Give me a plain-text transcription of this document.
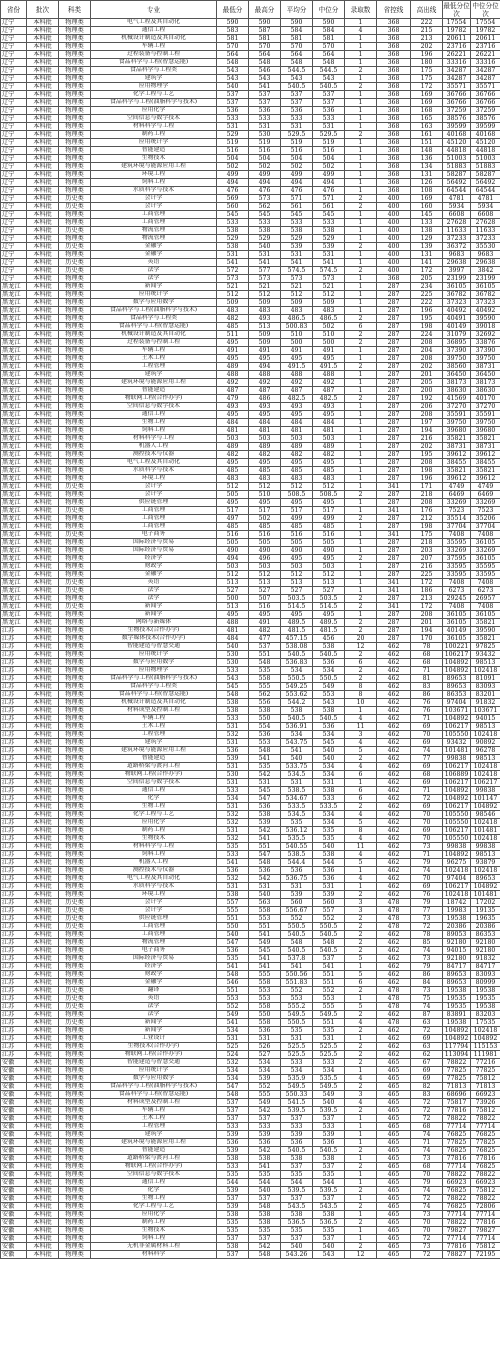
省份	批次	科类	专业	最低分	最高分	平均分	中位分	录取数	省控线	高出线	最低分位次	中位分位次
辽宁	本科批	物理类	电气工程及其自动化	590	590	590	590	1	368	222	17554	17554
辽宁	本科批	物理类	通信工程	583	587	584	584	4	368	215	19782	19782
辽宁	本科批	物理类	机械设计制造及其自动化	581	581	581	581	1	368	213	20611	20611
辽宁	本科批	物理类	车辆工程	570	570	570	570	1	368	202	23716	23716
辽宁	本科批	物理类	过程装备与控制工程	564	564	564	564	1	368	196	26221	26221
辽宁	本科批	物理类	食品科学与工程(智慧运能)	548	548	548	548	1	368	180	33316	33316
辽宁	本科批	物理类	食品科学与工程类	543	546	544.5	544.5	2	368	175	34287	34287
辽宁	本科批	物理类	建筑学	543	543	543	543	1	368	175	34287	34287
辽宁	本科批	物理类	应用物理学	540	541	540.5	540.5	2	368	172	35571	35571
辽宁	本科批	物理类	化学工程与工艺	537	537	537	537	1	368	169	36766	36766
辽宁	本科批	物理类	食品科学与工程(油脂科学与技术)	537	537	537	537	1	368	169	36766	36766
辽宁	本科批	物理类	应用化学	536	536	536	536	1	368	168	37259	37259
辽宁	本科批	物理类	空间信息与数字技术	533	533	533	533	1	368	165	38576	38576
辽宁	本科批	物理类	材料科学与工程	531	531	531	531	1	368	163	39599	39599
辽宁	本科批	物理类	制药工程	529	530	529.5	529.5	2	368	161	40168	40168
辽宁	本科批	物理类	应用统计学	519	519	519	519	1	368	151	45120	45120
辽宁	本科批	物理类	智能建造	516	516	516	516	1	368	148	44818	44818
辽宁	本科批	物理类	生物技术	504	504	504	504	1	368	136	51003	51003
辽宁	本科批	物理类	建筑环境与能源应用工程	502	502	502	502	1	368	134	51883	51883
辽宁	本科批	物理类	环境工程	499	499	499	499	1	368	131	58287	58287
辽宁	本科批	物理类	饲料工程	494	494	494	494	1	368	126	56492	56492
辽宁	本科批	物理类	水质科学与技术	476	476	476	476	1	368	108	64544	64544
辽宁	本科批	历史类	会计学	569	573	571	571	2	400	169	4781	4781
辽宁	本科批	历史类	会计学	560	562	561	561	2	400	160	5934	5934
辽宁	本科批	物理类	工商管理	545	545	545	545	1	400	145	6608	6608
辽宁	本科批	物理类	工商管理	533	533	533	533	1	400	133	27628	27628
辽宁	本科批	历史类	物流管理	538	538	538	538	1	400	138	11633	11633
辽宁	本科批	物理类	物流管理	529	529	529	529	1	400	129	37233	37233
辽宁	本科批	历史类	金融学	538	540	539	539	2	400	139	36372	35530
辽宁	本科批	物理类	金融学	531	531	531	531	1	400	131	9683	9683
辽宁	本科批	历史类	英语	541	541	541	541	1	400	141	29638	29638
辽宁	本科批	历史类	法学	572	577	574.5	574.5	2	400	172	3997	3842
辽宁	本科批	物理类	法学	573	573	573	573	1	368	205	23199	23199
黑龙江	本科批	物理类	新闻学	521	521	521	521	1	287	234	36105	36105
黑龙江	本科批	物理类	应用统计学	512	512	512	512	1	287	225	36782	36782
黑龙江	本科批	物理类	数学与应用数学	509	509	509	509	1	287	222	37323	37323
黑龙江	本科批	物理类	食品科学与工程(油脂科学与技术)	483	483	483	483	1	287	196	40492	40492
黑龙江	本科批	物理类	食品科学与工程类	482	493	486.5	486.5	2	287	195	40491	39590
黑龙江	本科批	物理类	食品科学与工程(智慧运能)	485	513	500.83	502	6	287	198	40149	39018
黑龙江	本科批	物理类	机械设计制造及其自动化	511	509	510	510	2	287	224	31079	32692
黑龙江	本科批	物理类	过程装备与控制工程	495	509	500	500	2	287	208	36895	33876
黑龙江	本科批	物理类	车辆工程	491	491	491	491	1	287	204	37390	37390
黑龙江	本科批	物理类	土木工程	495	495	495	495	1	287	208	39750	39750
黑龙江	本科批	物理类	工程管理	489	494	491.5	491.5	2	287	202	38560	38731
黑龙江	本科批	物理类	建筑学	488	488	488	488	1	287	201	36450	36450
黑龙江	本科批	物理类	建筑环境与能源应用工程	492	492	492	492	1	287	205	38173	38173
黑龙江	本科批	物理类	智能建造	487	487	487	487	1	287	200	38630	38630
黑龙江	本科批	物理类	物联网工程(合作办学)	479	486	482.5	482.5	2	287	192	41569	40170
黑龙江	本科批	物理类	空间信息与数字技术	493	493	493	493	1	287	206	37270	37270
黑龙江	本科批	物理类	通信工程	495	495	495	495	1	287	208	35591	35591
黑龙江	本科批	物理类	生物工程	484	484	484	484	1	287	197	39750	39750
黑龙江	本科批	物理类	饲料工程	481	481	481	481	1	287	194	39680	39680
黑龙江	本科批	物理类	材料科学与工程	503	503	503	503	1	287	216	35821	35821
黑龙江	本科批	物理类	机器人工程	489	489	489	489	1	287	202	38731	38731
黑龙江	本科批	物理类	测控技术与仪器	482	482	482	482	1	287	195	39612	39612
黑龙江	本科批	物理类	电气工程及其自动化	495	495	495	495	1	287	208	38455	38455
黑龙江	本科批	物理类	水质科学与技术	485	485	485	485	1	287	198	35821	35821
黑龙江	本科批	物理类	环境工程	483	483	483	483	1	287	196	39612	39612
黑龙江	本科批	历史类	会计学	512	512	512	512	1	341	171	4749	4749
黑龙江	本科批	物理类	会计学	505	510	508.5	508.5	2	287	218	6469	6469
黑龙江	本科批	物理类	供应链管理	495	495	495	495	1	287	208	33269	33269
黑龙江	本科批	历史类	工商管理	517	517	517	517	1	341	176	7523	7523
黑龙江	本科批	物理类	工商管理	497	502	499	499	2	287	212	35514	35206
黑龙江	本科批	物理类	工商管理	485	485	485	485	1	287	198	37704	37704
黑龙江	本科批	历史类	电子商务	516	516	516	516	1	341	175	7408	7408
黑龙江	本科批	物理类	国际经济与贸易	505	505	505	505	1	287	218	35595	36105
黑龙江	本科批	物理类	国际经济与贸易	490	490	490	490	1	287	203	33269	33269
黑龙江	本科批	物理类	经济学	494	496	495	495	2	287	207	37595	36105
黑龙江	本科批	物理类	财政学	503	503	503	503	1	287	216	33595	35595
黑龙江	本科批	物理类	金融学	512	512	512	512	1	287	225	33595	33595
黑龙江	本科批	历史类	英语	513	513	513	513	1	341	172	7408	7408
黑龙江	本科批	历史类	法学	527	527	527	527	1	341	186	6273	6273
黑龙江	本科批	物理类	法学	500	507	503.5	503.5	2	287	213	29245	26957
黑龙江	本科批	历史类	新闻学	513	516	514.5	514.5	2	341	172	7408	7408
黑龙江	本科批	物理类	新闻学	495	495	495	495	1	287	208	36105	36105
黑龙江	本科批	物理类	网络与新媒体	488	491	489.5	489.5	2	287	201	36105	35821
江苏	本科批	物理类	生物技术(合作办学)	481	482	481.5	481.5	2	287	194	40149	39590
江苏	本科批	物理类	数字媒体技术(合作办学)	484	477	457.15	456	20	287	170	36105	35821
江苏	本科批	物理类	智能建造与智慧交通	540	537	538.08	538	12	462	78	100221	97825
江苏	本科批	物理类	应用统计学	530	551	540.5	540.5	2	462	68	106217	93432
江苏	本科批	物理类	数学与应用数学	530	548	536.83	536	6	462	68	104892	98513
江苏	本科批	物理类	应用物理学	533	535	534	534	2	462	71	104892	102418
江苏	本科批	物理类	食品科学与工程(油脂科学与技术)	543	558	550.5	550.5	2	462	81	89653	81091
江苏	本科批	物理类	食品科学与工程类	545	555	549.25	549	8	462	83	89653	83093
江苏	本科批	物理类	食品科学与工程(智慧运能)	548	562	553.62	553	8	462	86	86353	83201
江苏	本科批	物理类	机械设计制造及其自动化	538	556	544.2	543	10	462	76	97404	91832
江苏	本科批	物理类	材料成型及控制工程	538	538	538	538	1	462	76	103671	103671
江苏	本科批	物理类	车辆工程	533	550	540.5	540.5	4	462	71	104892	94015
江苏	本科批	物理类	土木工程	531	554	536.91	536	11	462	69	106217	98513
江苏	本科批	物理类	工程管理	532	536	534	534	3	462	70	105550	102418
江苏	本科批	物理类	建筑学	531	553	543.75	545	4	462	69	93432	90892
江苏	本科批	物理类	建筑环境与能源应用工程	536	548	541	540	5	462	74	101481	96278
江苏	本科批	物理类	智能建造	539	541	540	540	2	462	77	99838	98513
江苏	本科批	物理类	道路桥梁与渡河工程	531	535	533.75	534	4	462	69	106217	102418
江苏	本科批	物理类	物联网工程(合作办学)	530	542	534.5	534	6	462	68	106889	102418
江苏	本科批	物理类	空间信息与数字技术	531	531	531	531	1	462	69	106217	106217
江苏	本科批	物理类	通信工程	533	545	538.5	538	6	462	71	104892	99838
江苏	本科批	物理类	化学	534	547	534.67	533	6	462	72	104892	101147
江苏	本科批	物理类	生物工程	531	536	533.5	533.5	2	462	69	106217	104892
江苏	本科批	物理类	化学工程与工艺	532	538	534.5	534	4	462	70	105550	98546
江苏	本科批	物理类	应用化学	532	539	535	534	5	462	70	105550	102418
江苏	本科批	物理类	制药工程	531	542	536.12	535	8	462	69	106217	101481
江苏	本科批	物理类	生物技术	532	541	535.5	535	4	462	70	105550	102418
江苏	本科批	物理类	材料科学与工程	535	551	540.55	540	11	462	73	99838	99838
江苏	本科批	物理类	饲料工程	533	547	538.5	538	4	462	71	104892	98513
江苏	本科批	物理类	机器人工程	541	548	544.4	544	5	462	79	96275	93879
江苏	本科批	物理类	测控技术与仪器	536	536	536	536	1	462	74	102418	102418
江苏	本科批	物理类	电气工程及其自动化	532	542	536.75	536	4	462	70	97404	89653
江苏	本科批	物理类	水质科学与技术	531	531	531	531	1	462	69	106217	104892
江苏	本科批	物理类	环境工程	538	540	539	539	2	462	76	102418	101481
江苏	本科批	历史类	会计学	557	563	560	560	3	478	79	18742	17202
江苏	本科批	历史类	会计学	555	558	556.67	557	3	478	77	19983	19135
江苏	本科批	历史类	供应链管理	551	553	552	552	2	478	73	19538	19635
江苏	本科批	历史类	工商管理	550	551	550.5	550.5	2	478	72	20386	20386
江苏	本科批	物理类	工商管理	540	541	540.5	540.5	2	462	78	89053	86353
江苏	本科批	物理类	物流管理	547	549	548	548	2	462	85	92180	92180
江苏	本科批	物理类	电子商务	536	545	540.5	540.5	2	462	74	94015	92180
江苏	本科批	物理类	国际经济与贸易	535	541	537.8	537	5	462	73	92180	91832
江苏	本科批	物理类	经济学	541	541	541	541	1	462	79	84717	84717
江苏	本科批	物理类	财政学	548	555	550.56	551	5	462	86	89653	83093
江苏	本科批	物理类	金融学	546	558	551.83	551	6	462	84	89653	80999
江苏	本科批	历史类	翻译	551	553	552	552	2	478	73	19538	19538
江苏	本科批	历史类	英语	553	553	553	553	1	478	75	19535	19535
江苏	本科批	历史类	法学	552	558	555.2	555	5	478	74	19535	19538
江苏	本科批	物理类	法学	549	550	549.5	549.5	2	462	87	83891	83203
江苏	本科批	历史类	新闻学	541	558	550.5	551	4	478	63	19538	17535
江苏	本科批	物理类	新闻学	534	536	535	535	2	462	72	104892	102418
江苏	本科批	物理类	工业设计	531	531	531	531	1	462	69	104892	104892
江苏	本科批	物理类	生物技术(合作办学)	525	526	525.5	525.5	2	462	63	117794	115153
江苏	本科批	物理类	物联网工程(合作办学)	524	527	525.5	525.5	2	462	62	113094	111981
安徽	本科批	物理类	智能建造与智慧交通	532	534	533	533	2	465	67	78822	77216
安徽	本科批	物理类	应用统计学	534	534	534	534	1	465	69	77825	77825
安徽	本科批	物理类	数学与应用数学	534	539	535.9	535.5	4	465	69	77825	75812
安徽	本科批	物理类	食品科学与工程(油脂科学与技术)	547	552	549.5	549.5	2	465	82	71813	71813
安徽	本科批	物理类	食品科学与工程(智慧运能)	548	555	550.33	549	3	465	83	68696	66923
安徽	本科批	物理类	材料成型及控制工程	537	549	541.5	540	4	465	72	75817	73926
安徽	本科批	物理类	车辆工程	537	542	539.5	539.5	2	465	72	77816	75812
安徽	本科批	物理类	土木工程	537	537	537	537	1	465	72	78822	78822
安徽	本科批	物理类	工程管理	533	533	533	533	1	465	68	77714	77714
安徽	本科批	物理类	建筑学	539	539	539	539	1	465	74	76825	76825
安徽	本科批	物理类	建筑环境与能源应用工程	536	536	536	536	1	465	71	77825	77825
安徽	本科批	物理类	智能建造	539	542	540.5	540.5	2	465	74	76825	76825
安徽	本科批	物理类	道路桥梁与渡河工程	538	538	538	538	1	465	73	77816	77816
安徽	本科批	物理类	物联网工程(合作办学)	533	541	537	537	2	465	68	77714	76825
安徽	本科批	物理类	空间信息与数字技术	535	535	535	535	1	465	70	78822	78822
安徽	本科批	物理类	通信工程	544	544	544	544	1	465	79	66923	66923
安徽	本科批	物理类	化学	539	540	539.5	539.5	2	465	74	76825	75812
安徽	本科批	物理类	生物工程	537	537	537	537	1	465	72	78822	78822
安徽	本科批	物理类	化学工程与工艺	539	548	543.5	543.5	2	465	74	76825	72806
安徽	本科批	物理类	应用化学	538	538	538	538	1	465	73	77714	77714
安徽	本科批	物理类	制药工程	535	538	536.5	536.5	2	465	70	78822	77816
安徽	本科批	物理类	生物技术	535	535	535	535	1	465	70	79827	79827
安徽	本科批	物理类	饲料工程	537	537	537	537	1	465	72	77714	77714
安徽	本科批	物理类	无机非金属材料工程	538	542	540	540	2	465	73	77816	75812
安徽	本科批	物理类	材料科学	537	548	543.26	543	12	465	72	78827	72195
